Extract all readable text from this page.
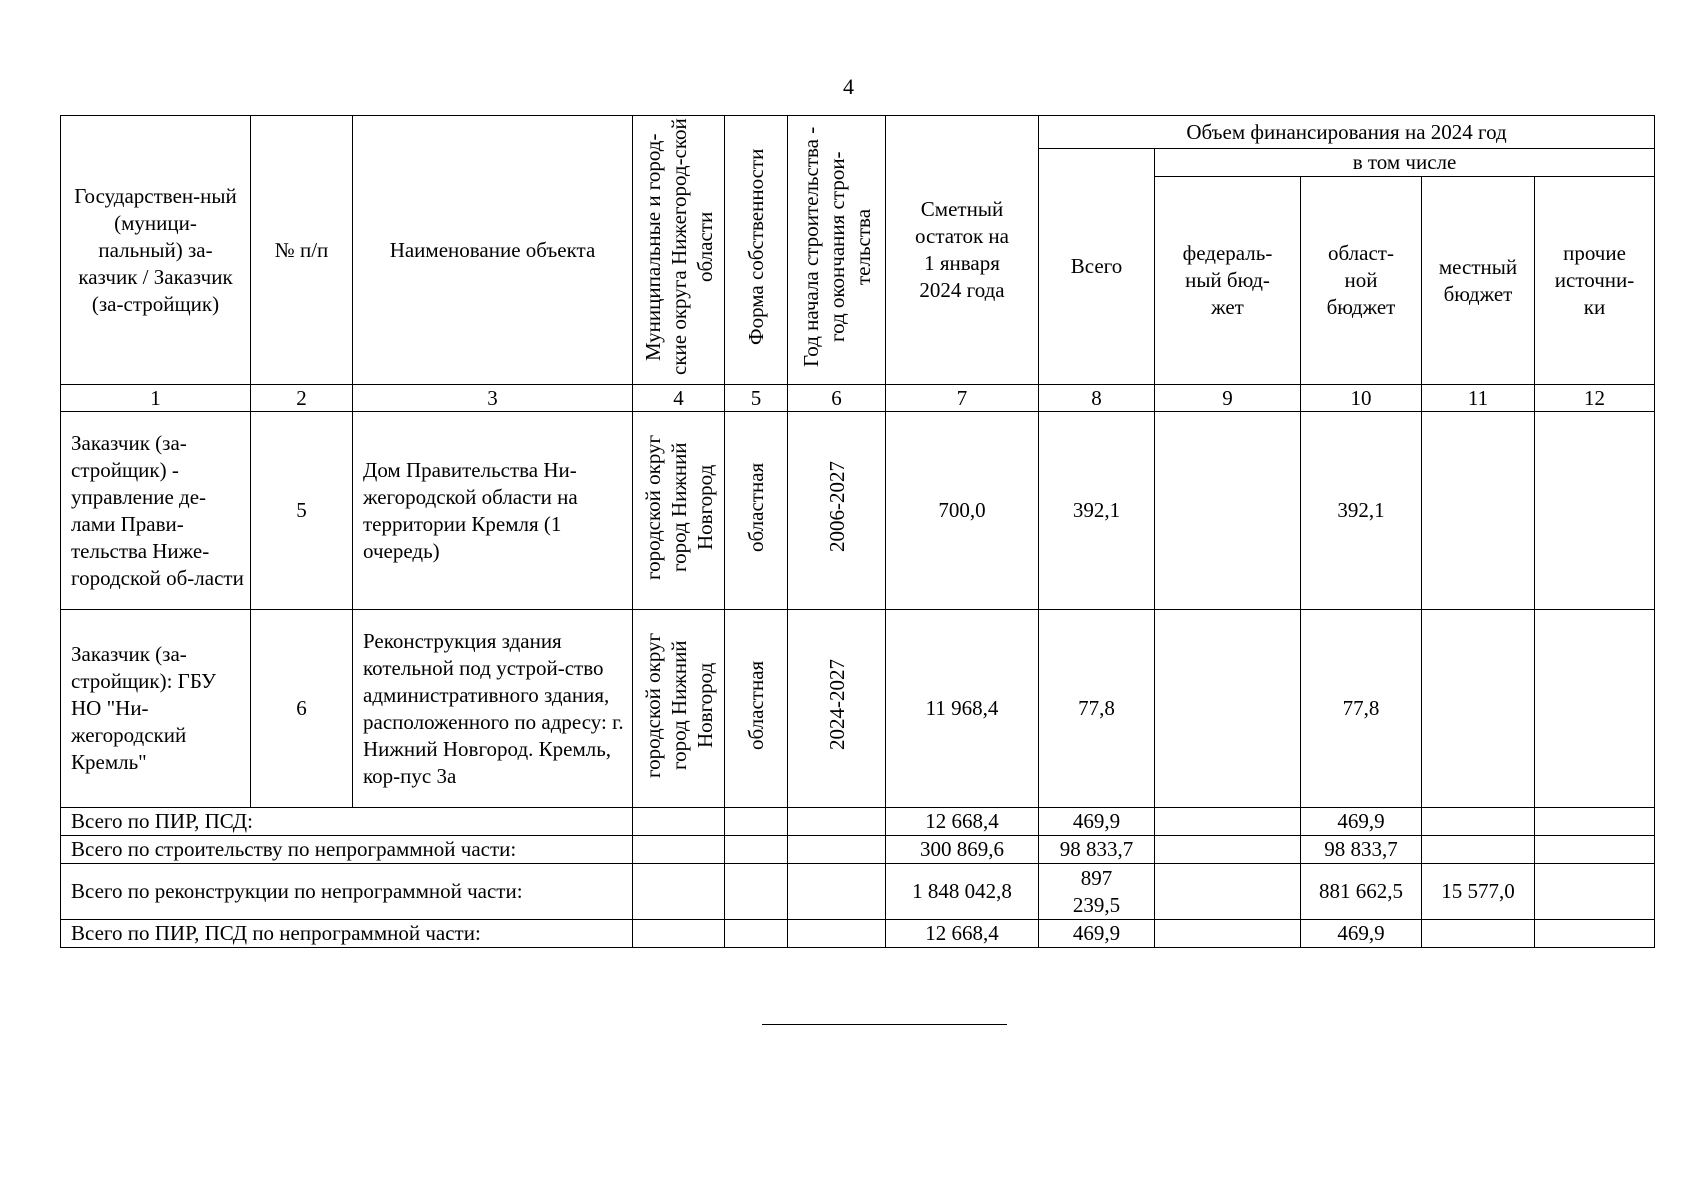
4
Государствен-ный (муници-пальный) за-казчик / Заказчик (за-стройщик)	№ п/п	Наименование объекта	Муниципальные и город-ские округа Нижегород-ской области	Форма собственности	Год начала строительства - год окончания строи-тельства	Сметный остаток на 1 января 2024 года	Объем финансирования на 2024 год				
							Всего	в том числе			
								федераль-ный бюд-жет	област-ной бюджет	местный бюджет	прочие источни-ки
1	2	3	4	5	6	7	8	9	10	11	12
Заказчик (за-стройщик) - управление де-лами Прави-тельства Ниже-городской об-ласти	5	Дом Правительства Ни-жегородской области на территории Кремля (1 очередь)	городской округ город Нижний Новгород	областная	2006-2027	700,0	392,1		392,1		
Заказчик (за-стройщик): ГБУ НО "Ни-жегородский Кремль"	6	Реконструкция здания котельной под устрой-ство административного здания, расположенного по адресу: г. Нижний Новгород. Кремль, кор-пус 3а	городской округ город Нижний Новгород	областная	2024-2027	11 968,4	77,8		77,8		
Всего по ПИР, ПСД:						12 668,4	469,9		469,9		
Всего по строительству по непрограммной части:						300 869,6	98 833,7		98 833,7		
Всего по реконструкции по непрограммной части:						1 848 042,8	897 239,5		881 662,5	15 577,0	
Всего по ПИР, ПСД по непрограммной части:						12 668,4	469,9		469,9		
